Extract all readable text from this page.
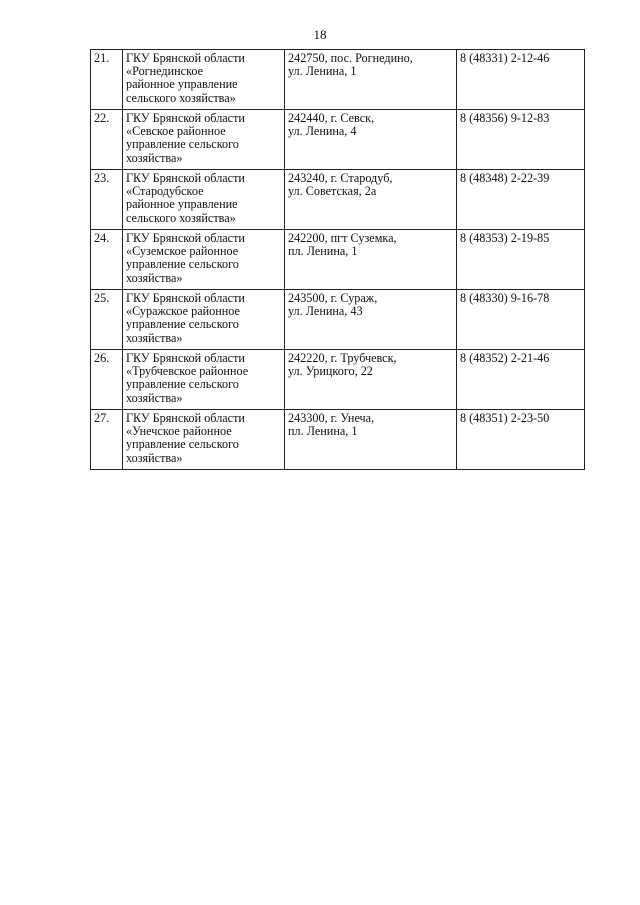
18
21.	ГКУ Брянской области
«Рогнединское
районное управление
сельского хозяйства»	242750, пос. Рогнедино,
ул. Ленина, 1	8 (48331) 2-12-46
22.	ГКУ Брянской области
«Севское районное
управление сельского
хозяйства»	242440, г. Севск,
ул. Ленина, 4	8 (48356) 9-12-83
23.	ГКУ Брянской области
«Стародубское
районное управление
сельского хозяйства»	243240, г. Стародуб,
ул. Советская, 2а	8 (48348) 2-22-39
24.	ГКУ Брянской области
«Суземское районное
управление сельского
хозяйства»	242200, пгт Суземка,
пл. Ленина, 1	8 (48353) 2-19-85
25.	ГКУ Брянской области
«Суражское районное
управление сельского
хозяйства»	243500, г. Сураж,
ул. Ленина, 43	8 (48330) 9-16-78
26.	ГКУ Брянской области
«Трубчевское районное
управление сельского
хозяйства»	242220, г. Трубчевск,
ул. Урицкого, 22	8 (48352) 2-21-46
27.	ГКУ Брянской области
«Унечское районное
управление сельского
хозяйства»	243300, г. Унеча,
пл. Ленина, 1	8 (48351) 2-23-50
